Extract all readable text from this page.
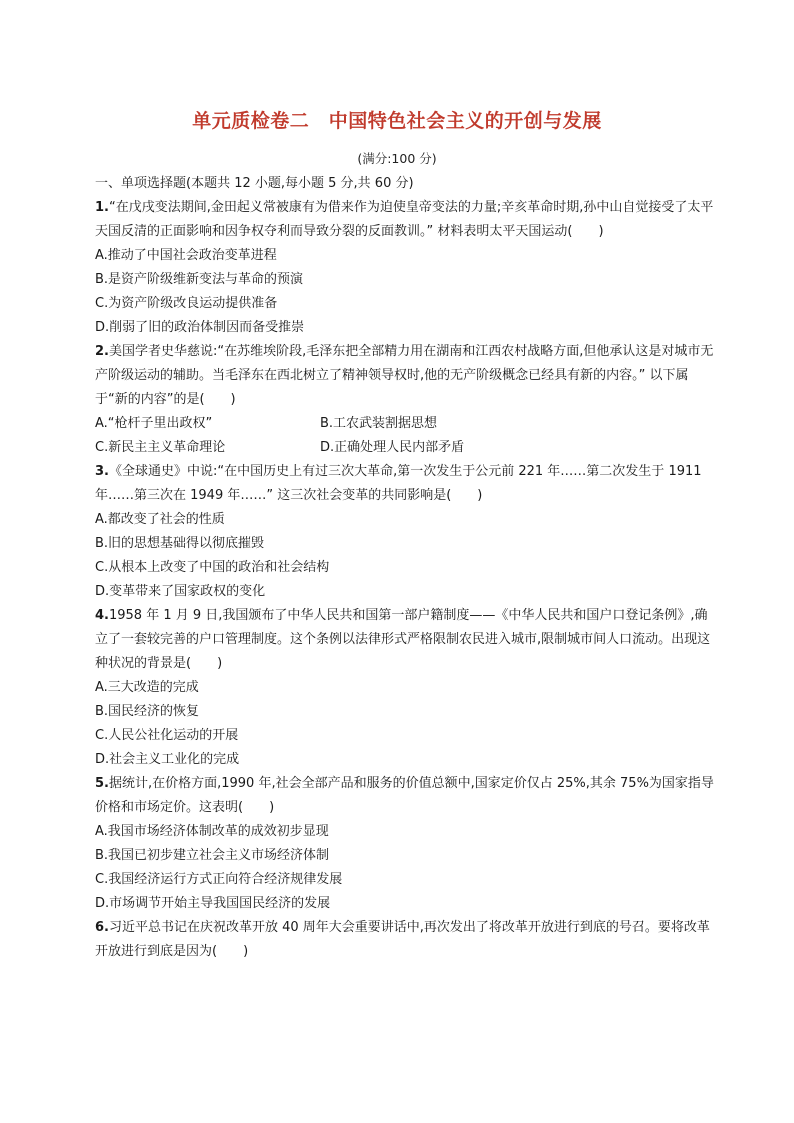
单元质检卷二　中国特色社会主义的开创与发展
(满分:100 分)

一、单项选择题(本题共 12 小题,每小题 5 分,共 60 分)

1.“在戊戌变法期间,金田起义常被康有为借来作为迫使皇帝变法的力量;辛亥革命时期,孙中山自觉接受了太平天国反清的正面影响和因争权夺利而导致分裂的反面教训。” 材料表明太平天国运动(　　)

A.推动了中国社会政治变革进程

B.是资产阶级维新变法与革命的预演

C.为资产阶级改良运动提供准备

D.削弱了旧的政治体制因而备受推崇

2.美国学者史华慈说:“在苏维埃阶段,毛泽东把全部精力用在湖南和江西农村战略方面,但他承认这是对城市无产阶级运动的辅助。当毛泽东在西北树立了精神领导权时,他的无产阶级概念已经具有新的内容。” 以下属于“新的内容”的是(　　)

A.“枪杆子里出政权”	B.工农武装割据思想
C.新民主主义革命理论	D.正确处理人民内部矛盾

3.《全球通史》中说:“在中国历史上有过三次大革命,第一次发生于公元前 221 年……第二次发生于 1911 年……第三次在 1949 年……” 这三次社会变革的共同影响是(　　)

A.都改变了社会的性质

B.旧的思想基础得以彻底摧毁

C.从根本上改变了中国的政治和社会结构

D.变革带来了国家政权的变化

4.1958 年 1 月 9 日,我国颁布了中华人民共和国第一部户籍制度——《中华人民共和国户口登记条例》,确立了一套较完善的户口管理制度。这个条例以法律形式严格限制农民进入城市,限制城市间人口流动。出现这种状况的背景是(　　)

A.三大改造的完成

B.国民经济的恢复

C.人民公社化运动的开展

D.社会主义工业化的完成

5.据统计,在价格方面,1990 年,社会全部产品和服务的价值总额中,国家定价仅占 25%,其余 75%为国家指导价格和市场定价。这表明(　　)

A.我国市场经济体制改革的成效初步显现

B.我国已初步建立社会主义市场经济体制

C.我国经济运行方式正向符合经济规律发展

D.市场调节开始主导我国国民经济的发展

6.习近平总书记在庆祝改革开放 40 周年大会重要讲话中,再次发出了将改革开放进行到底的号召。要将改革开放进行到底是因为(　　)
